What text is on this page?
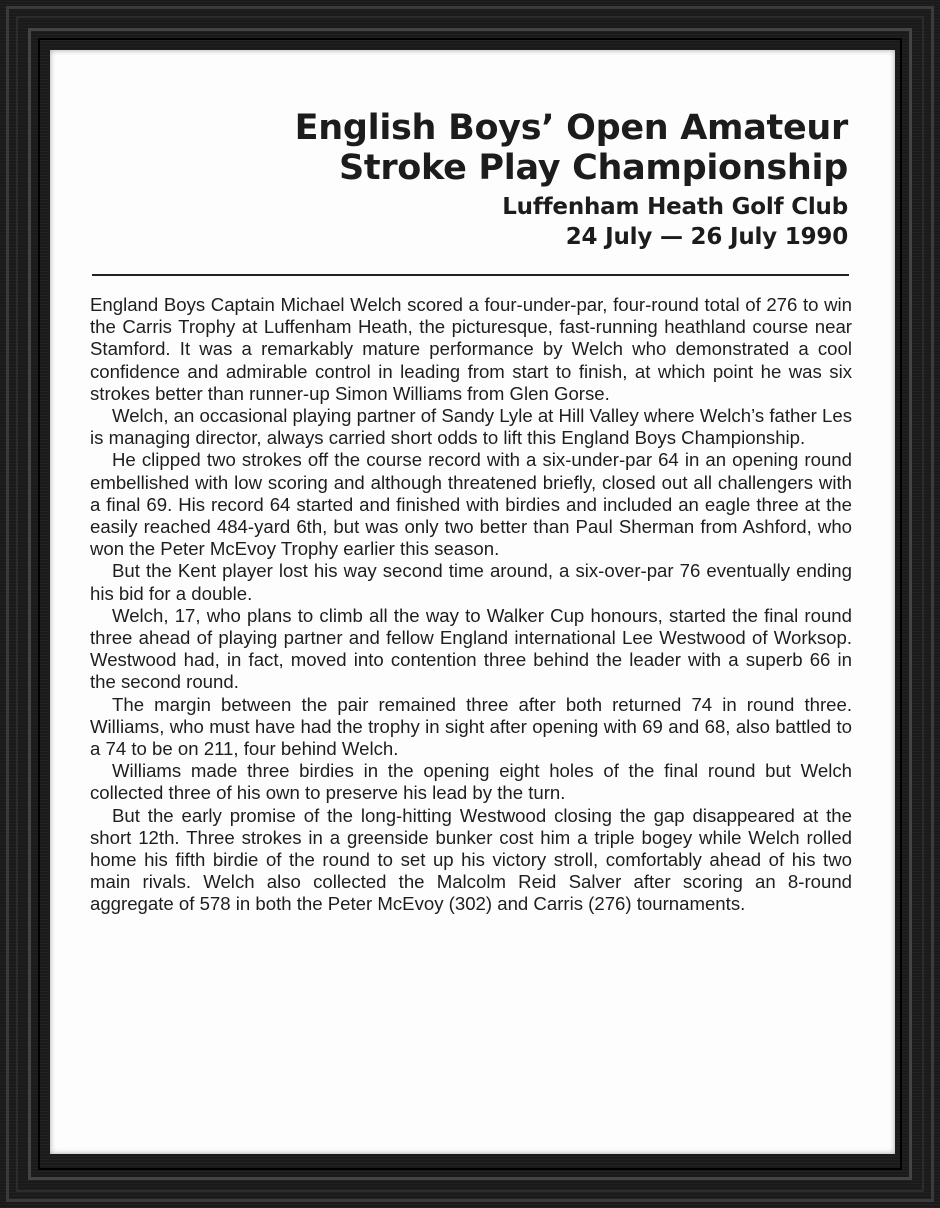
English Boys’ Open Amateur
Stroke Play Championship
Luffenham Heath Golf Club
24 July — 26 July 1990

England Boys Captain Michael Welch scored a four-under-par, four-round total of 276 to win the Carris Trophy at Luffenham Heath, the picturesque, fast-running heathland course near Stamford. It was a remarkably mature performance by Welch who demonstrated a cool confidence and admirable control in leading from start to finish, at which point he was six strokes better than runner-up Simon Williams from Glen Gorse.

Welch, an occasional playing partner of Sandy Lyle at Hill Valley where Welch’s father Les is managing director, always carried short odds to lift this England Boys Championship.

He clipped two strokes off the course record with a six-under-par 64 in an opening round embellished with low scoring and although threatened briefly, closed out all challengers with a final 69. His record 64 started and finished with birdies and included an eagle three at the easily reached 484-yard 6th, but was only two better than Paul Sherman from Ashford, who won the Peter McEvoy Trophy earlier this season.

But the Kent player lost his way second time around, a six-over-par 76 eventually ending his bid for a double.

Welch, 17, who plans to climb all the way to Walker Cup honours, started the final round three ahead of playing partner and fellow England international Lee Westwood of Worksop. Westwood had, in fact, moved into contention three behind the leader with a superb 66 in the second round.

The margin between the pair remained three after both returned 74 in round three. Williams, who must have had the trophy in sight after opening with 69 and 68, also battled to a 74 to be on 211, four behind Welch.

Williams made three birdies in the opening eight holes of the final round but Welch collected three of his own to preserve his lead by the turn.

But the early promise of the long-hitting Westwood closing the gap disappeared at the short 12th. Three strokes in a greenside bunker cost him a triple bogey while Welch rolled home his fifth birdie of the round to set up his victory stroll, comfortably ahead of his two main rivals. Welch also collected the Malcolm Reid Salver after scoring an 8-round aggregate of 578 in both the Peter McEvoy (302) and Carris (276) tournaments.
